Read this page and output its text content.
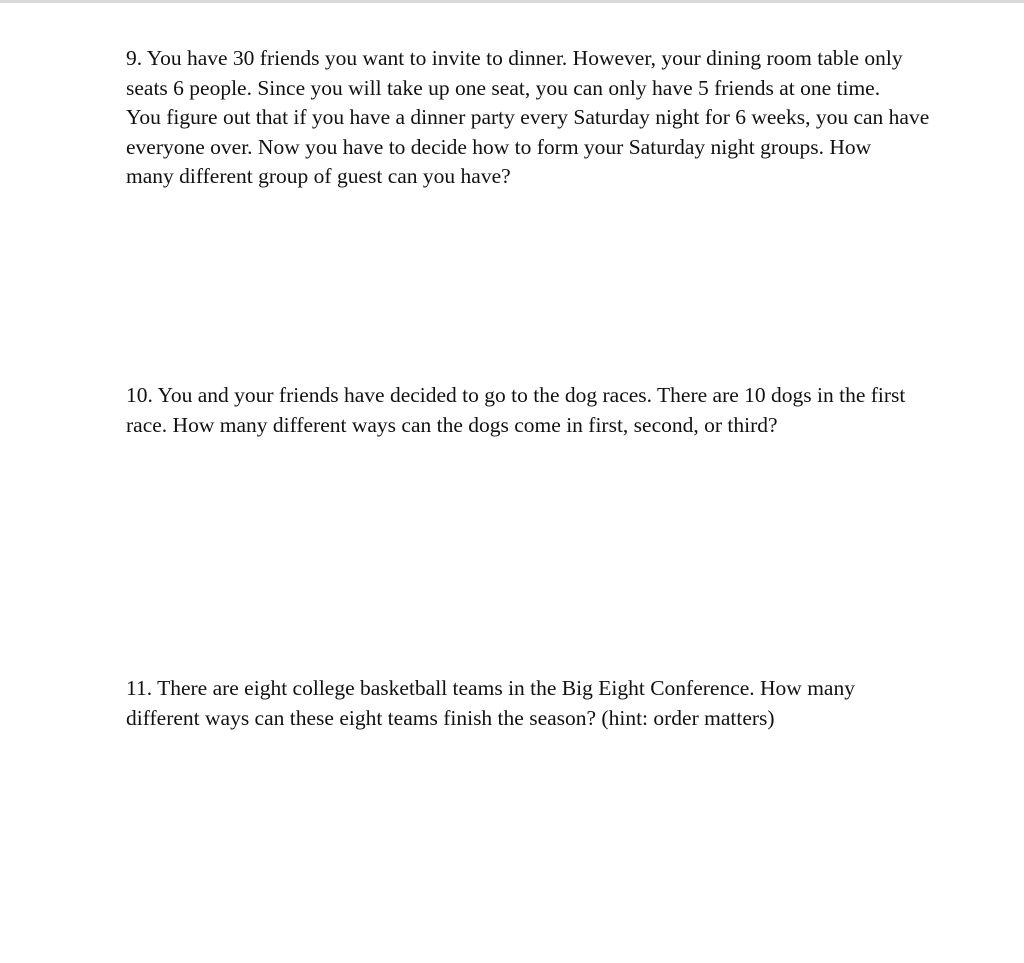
9. You have 30 friends you want to invite to dinner. However, your dining room table only
seats 6 people. Since you will take up one seat, you can only have 5 friends at one time.
You figure out that if you have a dinner party every Saturday night for 6 weeks, you can have
everyone over. Now you have to decide how to form your Saturday night groups. How
many different group of guest can you have?
10. You and your friends have decided to go to the dog races. There are 10 dogs in the first
race. How many different ways can the dogs come in first, second, or third?
11. There are eight college basketball teams in the Big Eight Conference. How many
different ways can these eight teams finish the season? (hint: order matters)
